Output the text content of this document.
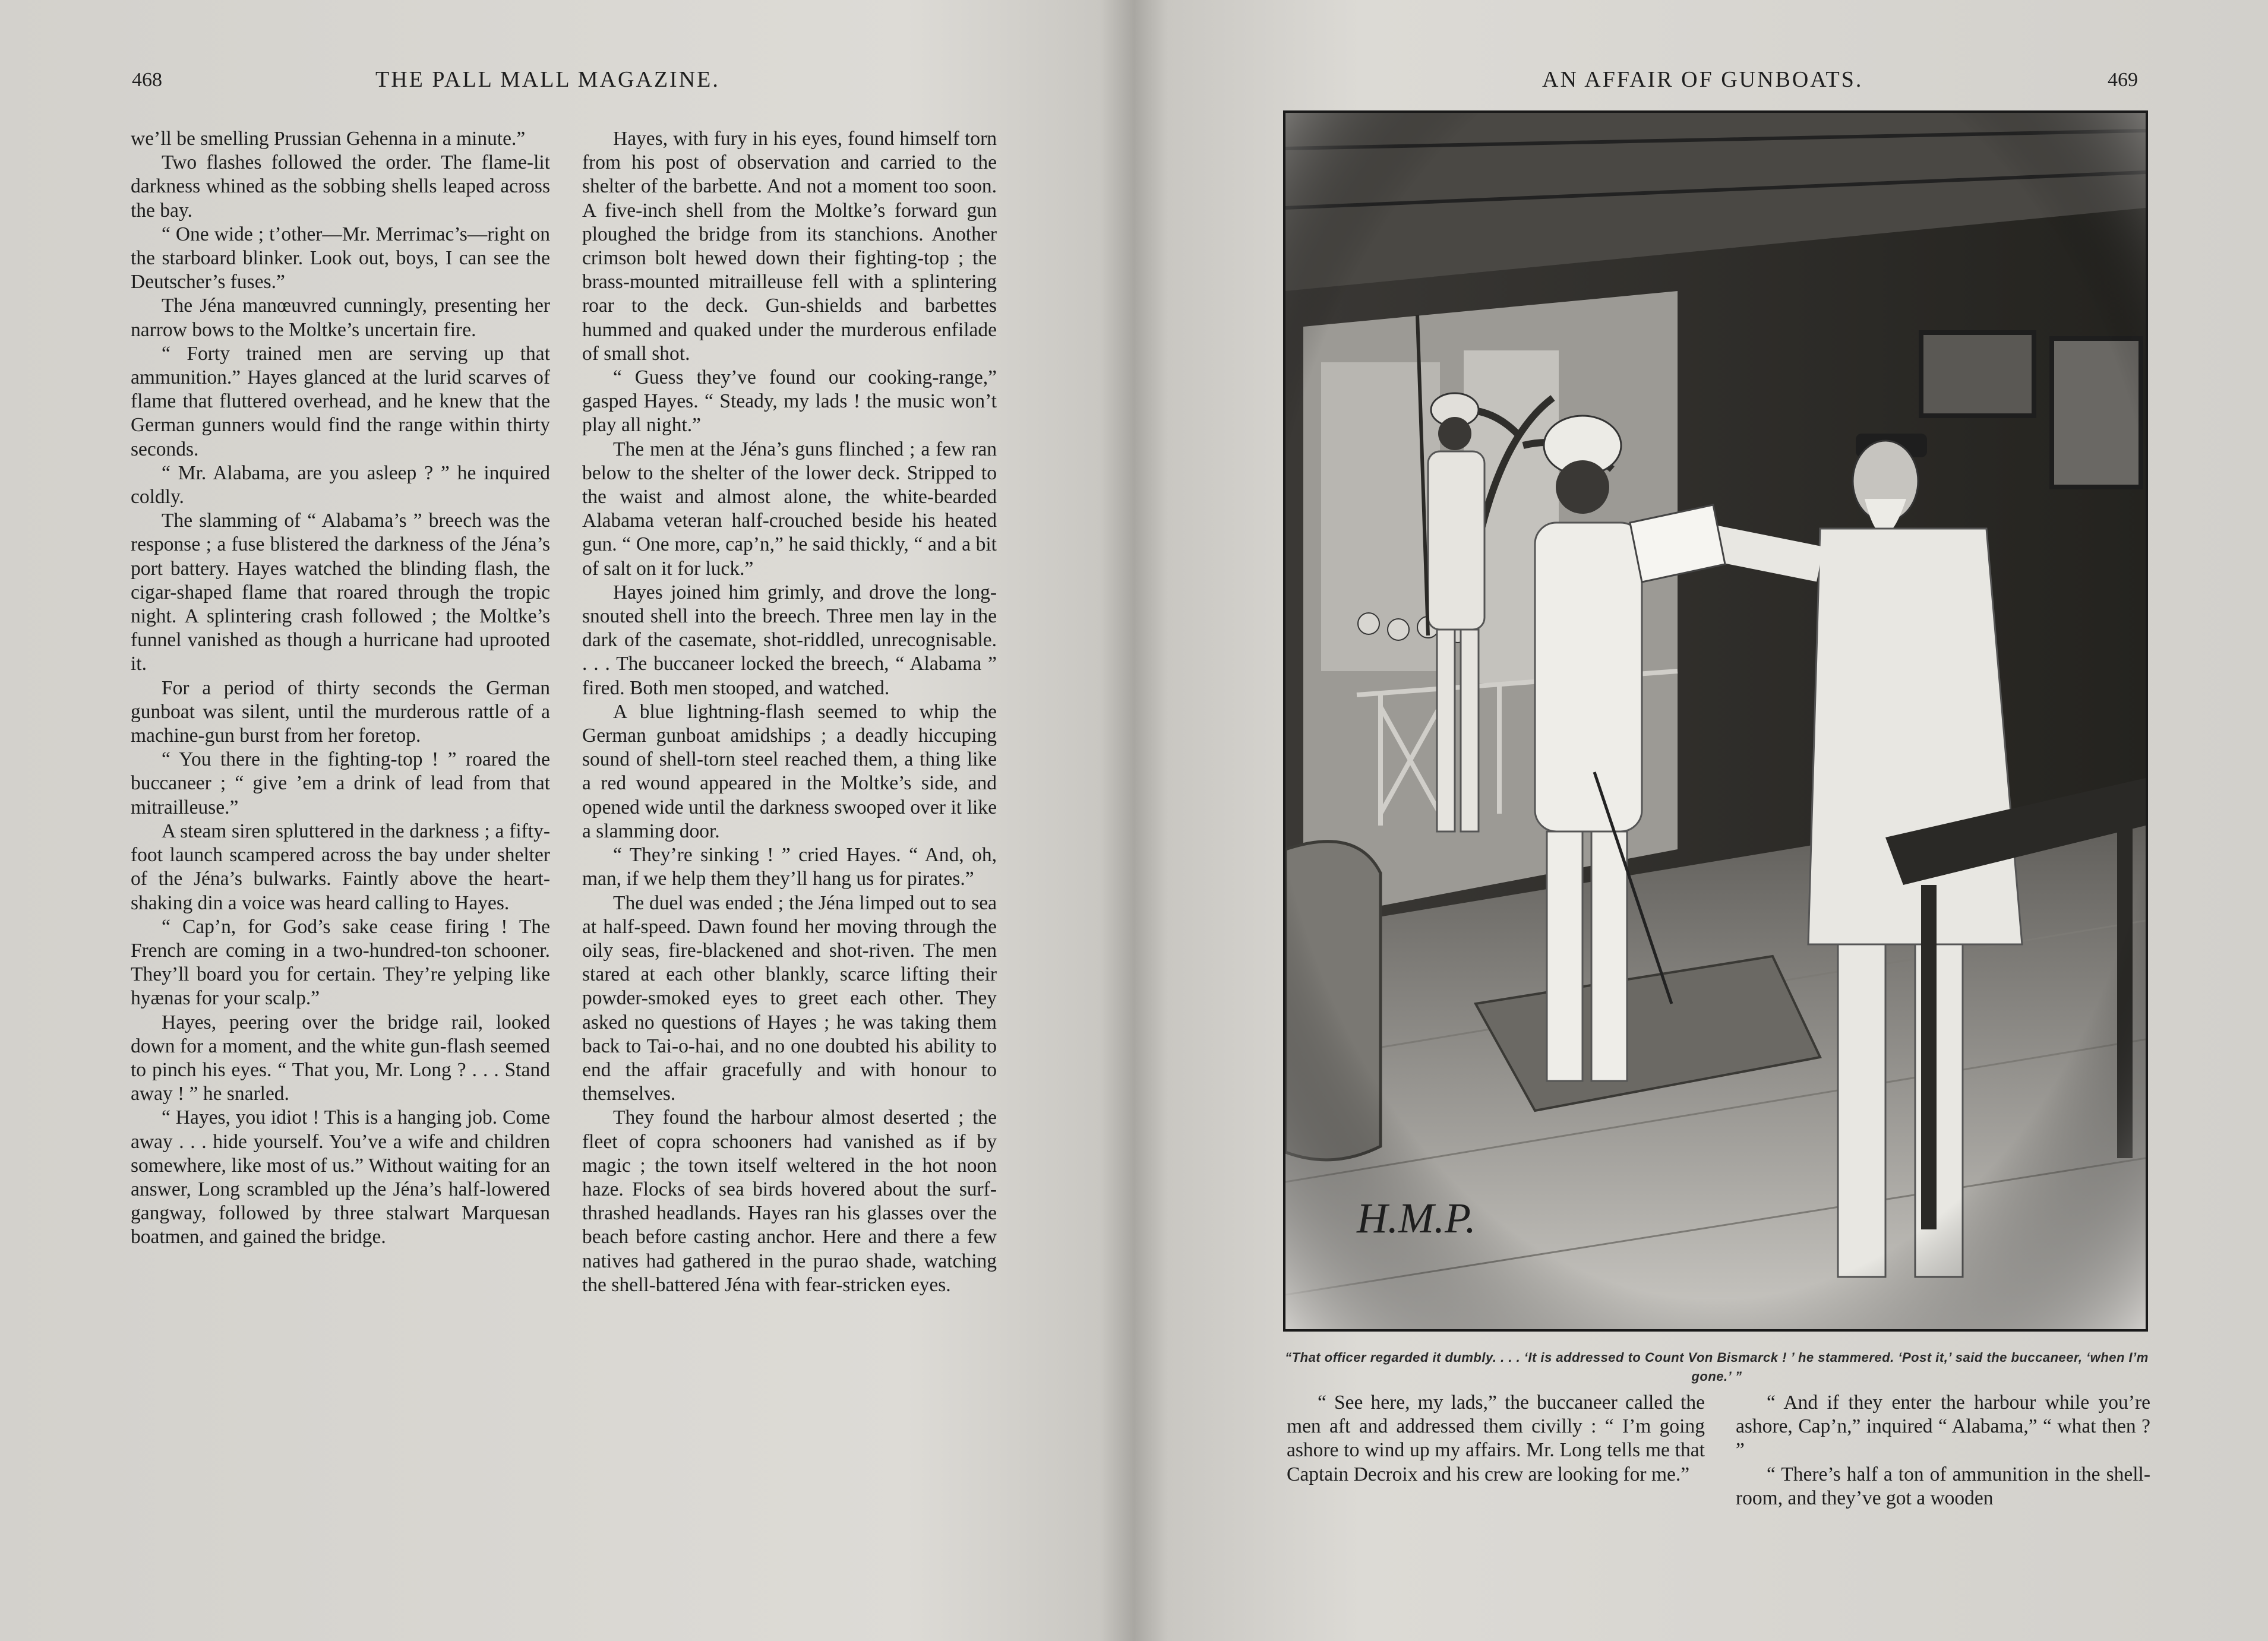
468	THE PALL MALL MAGAZINE.

we’ll be smelling Prussian Gehenna in a minute.”

Two flashes followed the order. The flame-lit darkness whined as the sobbing shells leaped across the bay.

“ One wide ; t’other—Mr. Merrimac’s—right on the starboard blinker. Look out, boys, I can see the Deutscher’s fuses.”

The Jéna manœuvred cunningly, presenting her narrow bows to the Moltke’s uncertain fire.

“ Forty trained men are serving up that ammunition.” Hayes glanced at the lurid scarves of flame that fluttered overhead, and he knew that the German gunners would find the range within thirty seconds.

“ Mr. Alabama, are you asleep ? ” he inquired coldly.

The slamming of “ Alabama’s ” breech was the response ; a fuse blistered the darkness of the Jéna’s port battery. Hayes watched the blinding flash, the cigar-shaped flame that roared through the tropic night. A splintering crash followed ; the Moltke’s funnel vanished as though a hurricane had uprooted it.

For a period of thirty seconds the German gunboat was silent, until the murderous rattle of a machine-gun burst from her foretop.

“ You there in the fighting-top ! ” roared the buccaneer ; “ give ’em a drink of lead from that mitrailleuse.”

A steam siren spluttered in the darkness ; a fifty-foot launch scampered across the bay under shelter of the Jéna’s bulwarks. Faintly above the heart-shaking din a voice was heard calling to Hayes.

“ Cap’n, for God’s sake cease firing ! The French are coming in a two-hundred-ton schooner. They’ll board you for certain. They’re yelping like hyænas for your scalp.”

Hayes, peering over the bridge rail, looked down for a moment, and the white gun-flash seemed to pinch his eyes. “ That you, Mr. Long ? . . . Stand away ! ” he snarled.

“ Hayes, you idiot ! This is a hanging job. Come away . . . hide yourself. You’ve a wife and children somewhere, like most of us.” Without waiting for an answer, Long scrambled up the Jéna’s half-lowered gangway, followed by three stalwart Marquesan boatmen, and gained the bridge.

Hayes, with fury in his eyes, found himself torn from his post of observation and carried to the shelter of the barbette. And not a moment too soon. A five-inch shell from the Moltke’s forward gun ploughed the bridge from its stanchions. Another crimson bolt hewed down their fighting-top ; the brass-mounted mitrailleuse fell with a splintering roar to the deck. Gun-shields and barbettes hummed and quaked under the murderous enfilade of small shot.

“ Guess they’ve found our cooking-range,” gasped Hayes. “ Steady, my lads ! the music won’t play all night.”

The men at the Jéna’s guns flinched ; a few ran below to the shelter of the lower deck. Stripped to the waist and almost alone, the white-bearded Alabama veteran half-crouched beside his heated gun. “ One more, cap’n,” he said thickly, “ and a bit of salt on it for luck.”

Hayes joined him grimly, and drove the long-snouted shell into the breech. Three men lay in the dark of the casemate, shot-riddled, unrecognisable. . . . The buccaneer locked the breech, “ Alabama ” fired. Both men stooped, and watched.

A blue lightning-flash seemed to whip the German gunboat amidships ; a deadly hiccuping sound of shell-torn steel reached them, a thing like a red wound appeared in the Moltke’s side, and opened wide until the darkness swooped over it like a slamming door.

“ They’re sinking ! ” cried Hayes. “ And, oh, man, if we help them they’ll hang us for pirates.”

The duel was ended ; the Jéna limped out to sea at half-speed. Dawn found her moving through the oily seas, fire-blackened and shot-riven. The men stared at each other blankly, scarce lifting their powder-smoked eyes to greet each other. They asked no questions of Hayes ; he was taking them back to Tai-o-hai, and no one doubted his ability to end the affair gracefully and with honour to themselves.

They found the harbour almost deserted ; the fleet of copra schooners had vanished as if by magic ; the town itself weltered in the hot noon haze. Flocks of sea birds hovered about the surf-thrashed headlands. Hayes ran his glasses over the beach before casting anchor. Here and there a few natives had gathered in the purao shade, watching the shell-battered Jéna with fear-stricken eyes.

AN AFFAIR OF GUNBOATS.	469
H.M.P.
“That officer regarded it dumbly. . . . ‘It is addressed to Count Von Bismarck ! ’ he stammered. ‘Post it,’ said the buccaneer, ‘when I’m gone.’ ”

“ See here, my lads,” the buccaneer called the men aft and addressed them civilly : “ I’m going ashore to wind up my affairs. Mr. Long tells me that Captain Decroix and his crew are looking for me.”

“ And if they enter the harbour while you’re ashore, Cap’n,” inquired “ Alabama,” “ what then ? ”

“ There’s half a ton of ammunition in the shell-room, and they’ve got a wooden
